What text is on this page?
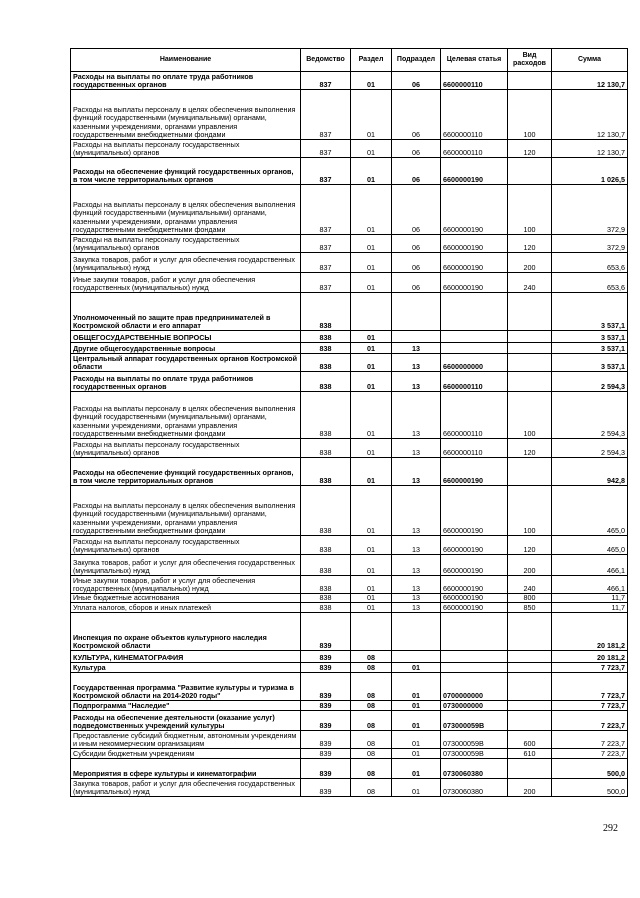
Наименование	Ведомство	Раздел	Подраздел	Целевая статья	Вид расходов	Сумма
Расходы на выплаты по оплате труда работников государственных органов	837	01	06	6600000110		12 130,7
Расходы на выплаты персоналу в целях обеспечения выполнения функций государственными (муниципальными) органами, казенными учреждениями, органами управления государственными внебюджетными фондами	837	01	06	6600000110	100	12 130,7
Расходы на выплаты персоналу государственных (муниципальных) органов	837	01	06	6600000110	120	12 130,7
Расходы на обеспечение функций государственных органов, в том числе территориальных органов	837	01	06	6600000190		1 026,5
Расходы на выплаты персоналу в целях обеспечения выполнения функций государственными (муниципальными) органами, казенными учреждениями, органами управления государственными внебюджетными фондами	837	01	06	6600000190	100	372,9
Расходы на выплаты персоналу государственных (муниципальных) органов	837	01	06	6600000190	120	372,9
Закупка товаров, работ и услуг для обеспечения государственных (муниципальных) нужд	837	01	06	6600000190	200	653,6
Иные закупки товаров, работ и услуг для обеспечения государственных (муниципальных) нужд	837	01	06	6600000190	240	653,6
Уполномоченный по защите прав предпринимателей в Костромской области и его аппарат	838					3 537,1
ОБЩЕГОСУДАРСТВЕННЫЕ ВОПРОСЫ	838	01				3 537,1
Другие общегосударственные вопросы	838	01	13			3 537,1
Центральный аппарат государственных органов Костромской области	838	01	13	6600000000		3 537,1
Расходы на выплаты по оплате труда работников государственных органов	838	01	13	6600000110		2 594,3
Расходы на выплаты персоналу в целях обеспечения выполнения функций государственными (муниципальными) органами, казенными учреждениями, органами управления государственными внебюджетными фондами	838	01	13	6600000110	100	2 594,3
Расходы на выплаты персоналу государственных (муниципальных) органов	838	01	13	6600000110	120	2 594,3
Расходы на обеспечение функций государственных органов, в том числе территориальных органов	838	01	13	6600000190		942,8
Расходы на выплаты персоналу в целях обеспечения выполнения функций государственными (муниципальными) органами, казенными учреждениями, органами управления государственными внебюджетными фондами	838	01	13	6600000190	100	465,0
Расходы на выплаты персоналу государственных (муниципальных) органов	838	01	13	6600000190	120	465,0
Закупка товаров, работ и услуг для обеспечения государственных (муниципальных) нужд	838	01	13	6600000190	200	466,1
Иные закупки товаров, работ и услуг для обеспечения государственных (муниципальных) нужд	838	01	13	6600000190	240	466,1
Иные бюджетные ассигнования	838	01	13	6600000190	800	11,7
Уплата налогов, сборов и иных платежей	838	01	13	6600000190	850	11,7
Инспекция по охране объектов культурного наследия Костромской области	839					20 181,2
КУЛЬТУРА, КИНЕМАТОГРАФИЯ	839	08				20 181,2
Культура	839	08	01			7 723,7
Государственная программа "Развитие культуры и туризма в Костромской области на 2014-2020 годы"	839	08	01	0700000000		7 723,7
Подпрограмма "Наследие"	839	08	01	0730000000		7 723,7
Расходы на обеспечение деятельности (оказание услуг) подведомственных учреждений культуры	839	08	01	073000059В		7 223,7
Предоставление субсидий бюджетным, автономным учреждениям и иным некоммерческим организациям	839	08	01	073000059В	600	7 223,7
Субсидии бюджетным учреждениям	839	08	01	073000059В	610	7 223,7
Мероприятия в сфере культуры и кинематографии	839	08	01	0730060380		500,0
Закупка товаров, работ и услуг для обеспечения государственных (муниципальных) нужд	839	08	01	0730060380	200	500,0
292
